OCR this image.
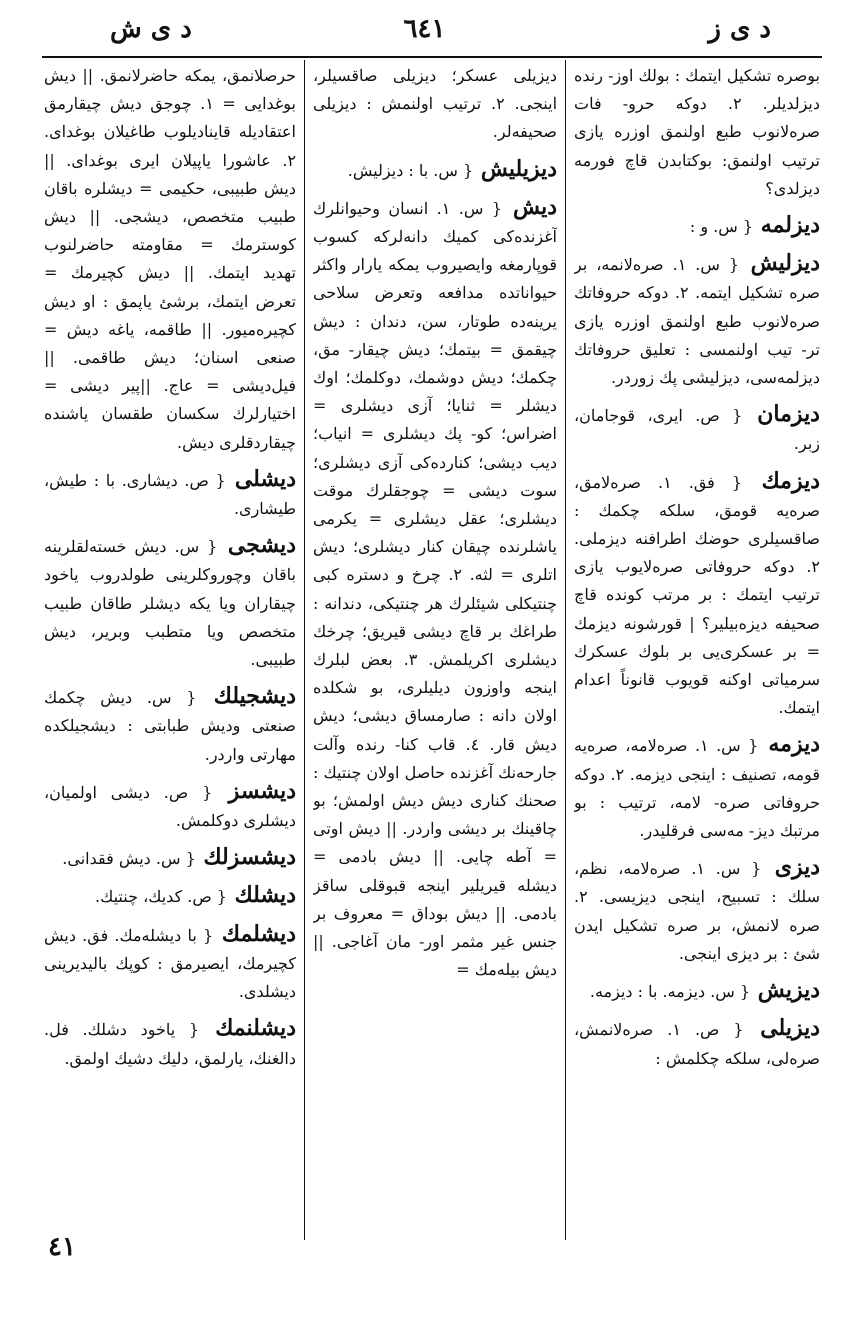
د ى ز
٦٤١
د ى ش

بوصره تشكيل ايتمك : بولك اوز- رنده ديزلديلر. ٢. دوكه حرو- فات صره‌لانوب طبع اولنمق اوزره يازى ترتيب اولنمق: بوكتابدن قاچ فورمه ديزلدى؟

ديزلمه { س. و :

ديزليش { س. ١. صره‌لانمه، بر صره تشكيل ايتمه. ٢. دوكه حروفاتك صره‌لانوب طبع اولنمق اوزره يازى تر- تيب اولنمسى : تعليق حروفاتك ديزلمه‌سى، ديزليشى پك زوردر.

ديزمان { ص. ايرى، قوجامان، زبر.

ديزمك { فق. ١. صره‌لامق، صره‌يه قومق، سلكه چكمك : صاقسيلرى حوضك اطرافنه ديزملى. ٢. دوكه حروفاتى صره‌لايوب يازى ترتيب ايتمك : بر مرتب كونده قاچ صحيفه ديزه‌بيلير؟ | قورشونه ديزمك = بر عسكرى‌يى بر بلوك عسكرك سرمياتى اوكنه قويوب قانوناً اعدام ايتمك.

ديزمه { س. ١. صره‌لامه، صره‌يه قومه، تصنيف : اينجى ديزمه. ٢. دوكه حروفاتى صره- لامه، ترتيب : بو مرتبك ديز- مه‌سى فرقليدر.

ديزى { س. ١. صره‌لامه، نظم، سلك : تسبيح، اينجى ديزيسى. ٢. صره لانمش، بر صره تشكيل ايدن شئ : بر ديزى اينجى.

ديزيش { س. ديزمه. با : ديزمه.

ديزيلى { ص. ١. صره‌لانمش، صره‌لى، سلكه چكلمش :

ديزيلى عسكر؛ ديزيلى صاقسيلر، اينجى. ٢. ترتيب اولنمش : ديزيلى صحيفه‌لر.

ديزيليش { س. با : ديزليش.

ديش { س. ١. انسان وحيوانلرك آغزنده‌كى كميك دانه‌لركه كسوب قوپارمغه وايصيروب يمكه يارار واكثر حيواناتده مدافعه وتعرض سلاحى يرينه‌ده طوتار، سن، دندان : ديش چيقمق = بيتمك؛ ديش چيقار- مق، چكمك؛ ديش دوشمك، دوكلمك؛ اوك ديشلر = ثنايا؛ آزى ديشلرى = اضراس؛ كو- پك ديشلرى = انياب؛ ديب ديشى؛ كنارده‌كى آزى ديشلرى؛ سوت ديشى = چوجقلرك موقت ديشلرى؛ عقل ديشلرى = يكرمى ياشلرنده چيقان كنار ديشلرى؛ ديش اتلرى = لثه. ٢. چرخ و دستره كبى چنتيكلى شيئلرك هر چنتيكى، دندانه : طراغك بر قاچ ديشى قيريق؛ چرخك ديشلرى اكريلمش. ٣. بعض لبلرك اينجه واوزون ديليلرى، بو شكلده اولان دانه : صارمساق ديشى؛ ديش ديش قار. ٤. قاب كنا- رنده وآلت جارحه‌نك آغزنده حاصل اولان چنتيك : صحنك كنارى ديش ديش اولمش؛ بو چاقينك بر ديشى واردر. || ديش اوتى = آطه چايى. || ديش بادمى = ديشله قيريلير اينجه قبوقلى ساقز بادمى. || ديش بوداق = معروف بر جنس غير مثمر اور- مان آغاجى. || ديش بيله‌مك =

حرصلانمق، يمكه حاضرلانمق. || ديش بوغدايى = ١. چوجق ديش چيقارمق اعتقاديله قايناديلوب طاغيلان بوغداى. ٢. عاشورا ياپيلان ايرى بوغداى. || ديش طبيبى، حكيمى = ديشلره باقان طبيب متخصص، ديشجى. || ديش كوسترمك = مقاومته حاضرلنوب تهديد ايتمك. || ديش كچيرمك = تعرض ايتمك، برشئ ياپمق : او ديش كچيره‌ميور. || طاقمه، ياغه ديش = صنعى اسنان؛ ديش طاقمى. || فيل‌ديشى = عاج. ||پير ديشى = اختيارلرك سكسان طقسان ياشنده چيقاردقلرى ديش.

ديشلى { ص. ديشارى. با : طيش، طيشارى.

ديشجى { س. ديش خسته‌لقلرينه باقان وچوروكلرينى طولدروب ياخود چيقاران ويا يكه ديشلر طاقان طبيب متخصص ويا متطبب وبرير، ديش طبيبى.

ديشجيلك { س. ديش چكمك صنعتى وديش طبابتى : ديشجيلكده مهارتى واردر.

ديشسز { ص. ديشى اولميان، ديشلرى دوكلمش.

ديشسزلك { س. ديش فقدانى.

ديشلك { ص. كديك، چنتيك.

ديشلمك { با ديشله‌مك. فق. ديش كچيرمك، ايصيرمق : كوپك باليديرينى ديشلدى.

ديشلنمك { ياخود دشلك. فل. دالغنك، يارلمق، دليك دشيك اولمق.

٤١
